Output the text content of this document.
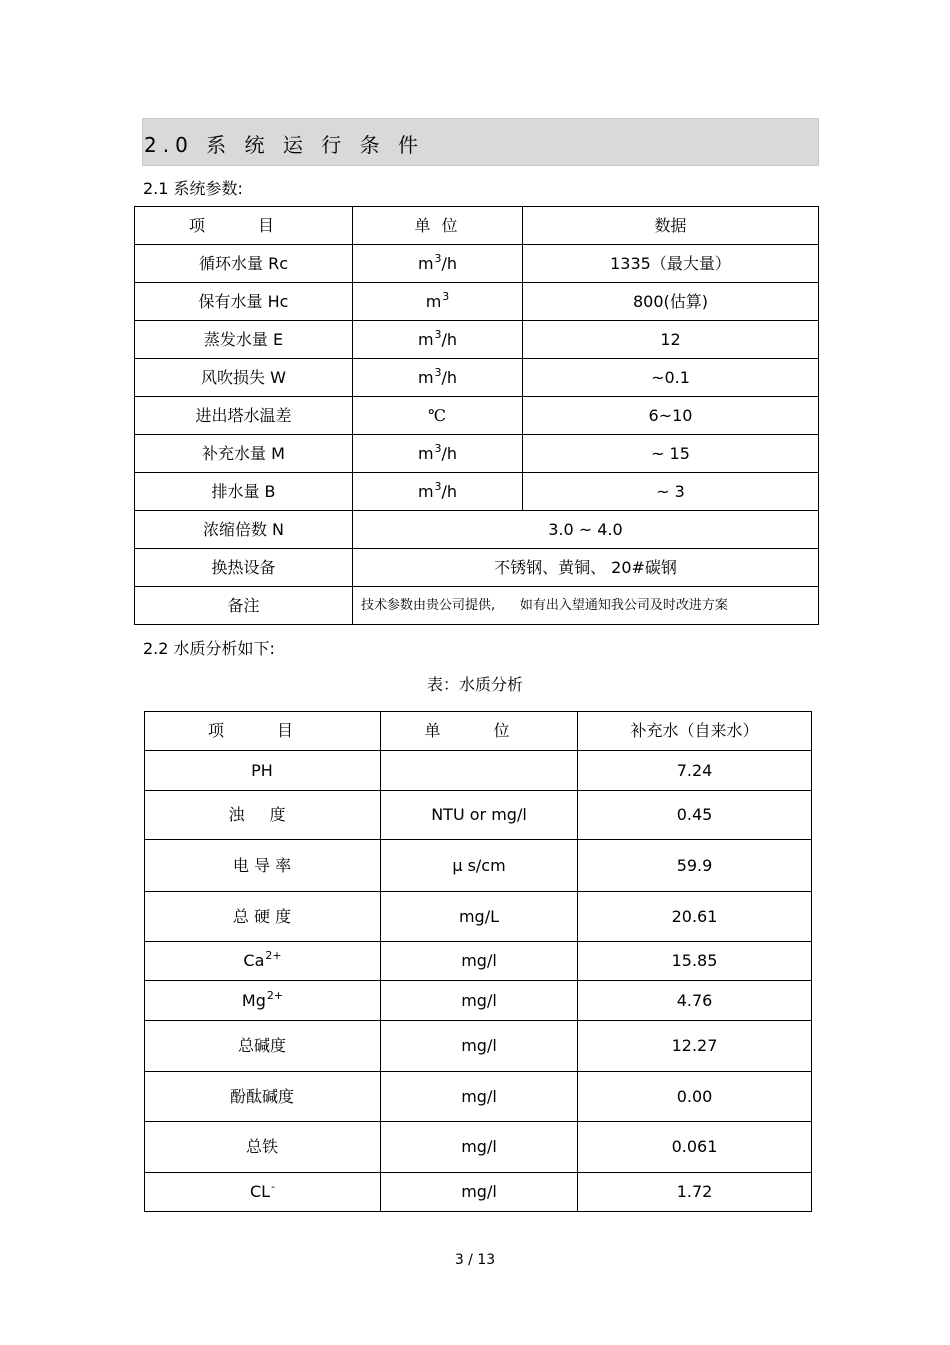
2.0 系 统 运 行 条 件
2.1 系统参数:
项 目	单 位	数据
循环水量 Rc	$m^3/h$	1335（最大量）
保有水量 Hc	$m^3$	800(估算)
蒸发水量 E	$m^3/h$	12
风吹损失 W	$m^3/h$	~0.1
进出塔水温差	℃	6~10
补充水量 M	$m^3/h$	~ 15
排水量 B	$m^3/h$	~ 3
浓缩倍数 N	3.0 ~ 4.0	
换热设备	不锈钢、黄铜、 20#碳钢	
备注	技术参数由贵公司提供,      如有出入望通知我公司及时改进方案	
2.2 水质分析如下:
表：水质分析
项 目	单 位	补充水（自来水）
PH		7.24
浊 度	NTU or mg/l	0.45
电 导 率	μ s/cm	59.9
总 硬 度	mg/L	20.61
$Ca^{2+}$	mg/l	15.85
$Mg^{2+}$	mg/l	4.76
总碱度	mg/l	12.27
酚酞碱度	mg/l	0.00
总铁	mg/l	0.061
CL-	mg/l	1.72
3 / 13
